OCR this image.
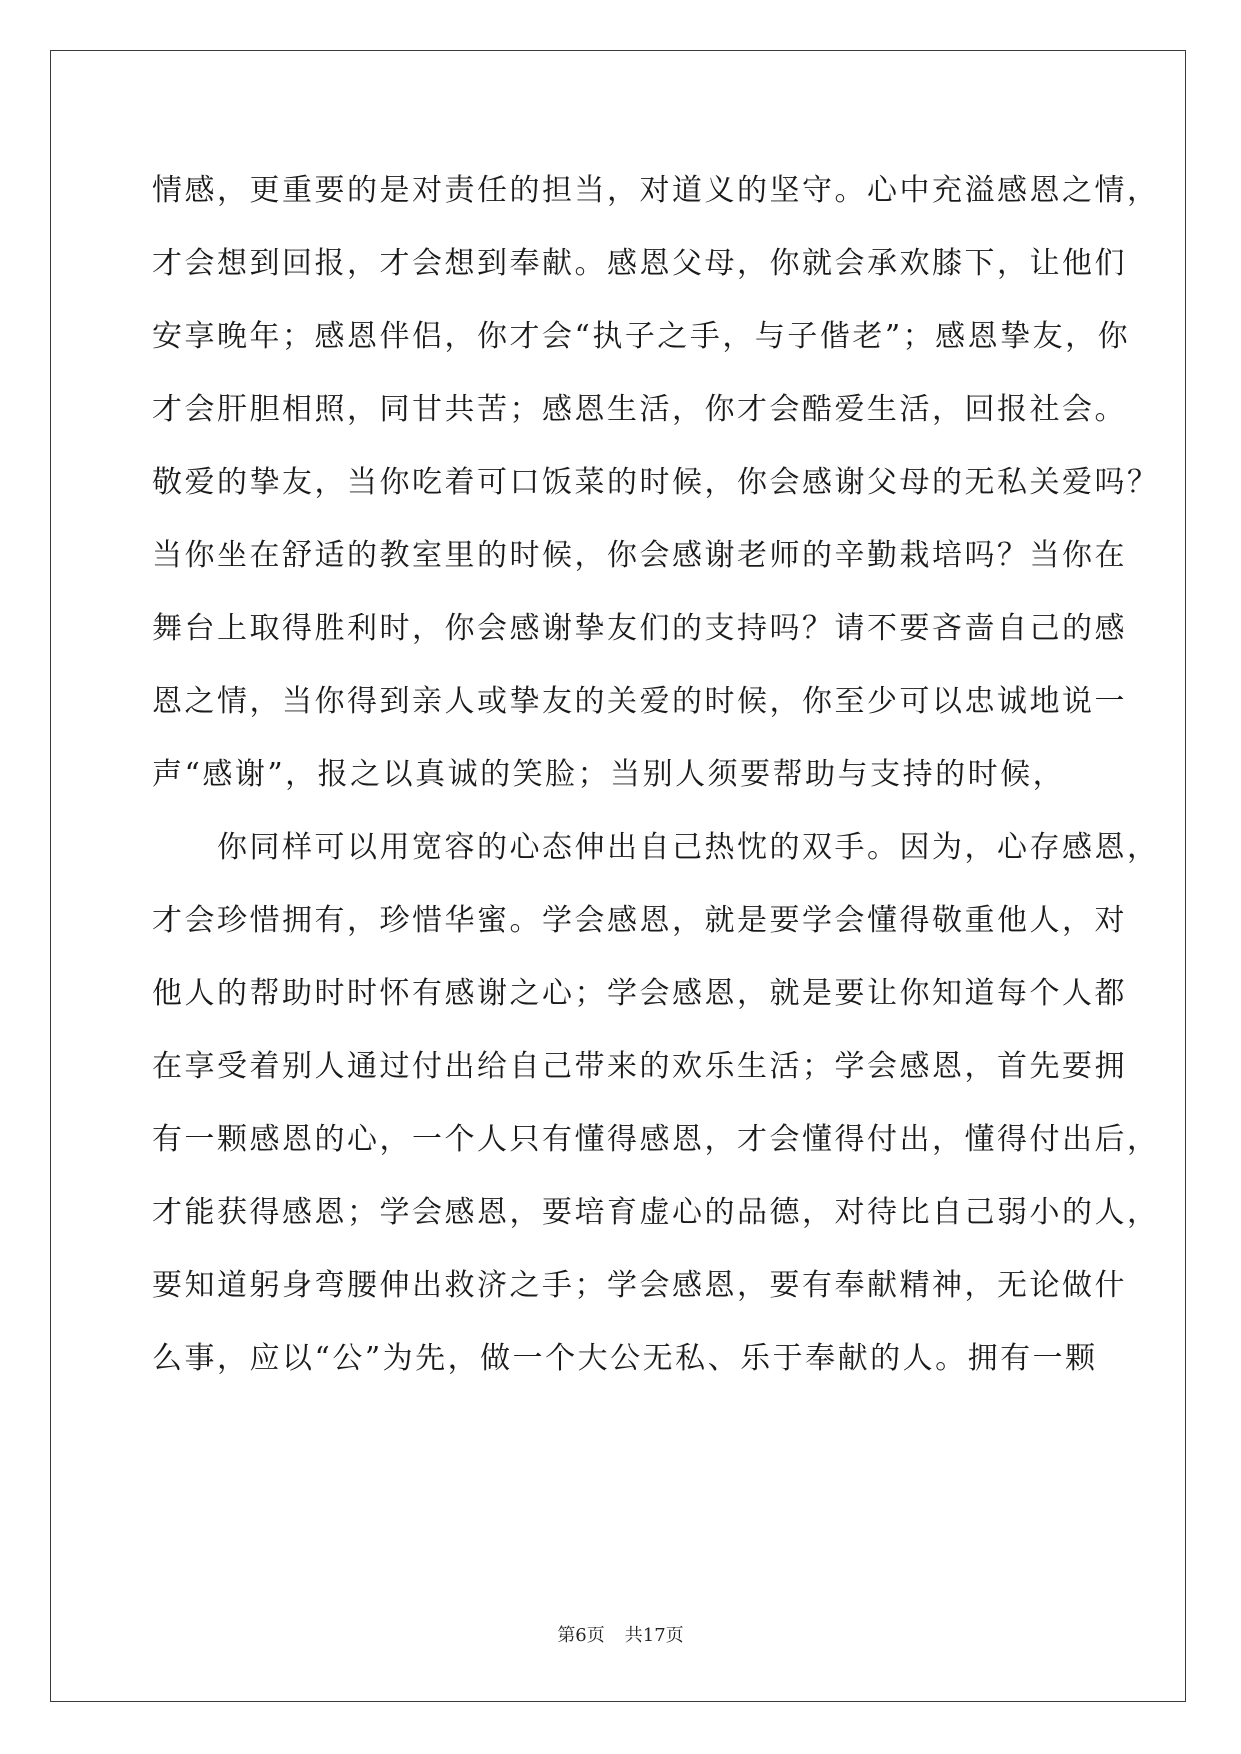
情感，更重要的是对责任的担当，对道义的坚守。心中充溢感恩之情，
才会想到回报，才会想到奉献。感恩父母，你就会承欢膝下，让他们
安享晚年；感恩伴侣，你才会“执子之手，与子偕老”；感恩挚友，你
才会肝胆相照，同甘共苦；感恩生活，你才会酷爱生活，回报社会。
敬爱的挚友，当你吃着可口饭菜的时候，你会感谢父母的无私关爱吗？
当你坐在舒适的教室里的时候，你会感谢老师的辛勤栽培吗？当你在
舞台上取得胜利时，你会感谢挚友们的支持吗？请不要吝啬自己的感
恩之情，当你得到亲人或挚友的关爱的时候，你至少可以忠诚地说一
声“感谢”，报之以真诚的笑脸；当别人须要帮助与支持的时候，
　　你同样可以用宽容的心态伸出自己热忱的双手。因为，心存感恩，
才会珍惜拥有，珍惜华蜜。学会感恩，就是要学会懂得敬重他人，对
他人的帮助时时怀有感谢之心；学会感恩，就是要让你知道每个人都
在享受着别人通过付出给自己带来的欢乐生活；学会感恩，首先要拥
有一颗感恩的心，一个人只有懂得感恩，才会懂得付出，懂得付出后，
才能获得感恩；学会感恩，要培育虚心的品德，对待比自己弱小的人，
要知道躬身弯腰伸出救济之手；学会感恩，要有奉献精神，无论做什
么事，应以“公”为先，做一个大公无私、乐于奉献的人。拥有一颗
第6页 共17页
